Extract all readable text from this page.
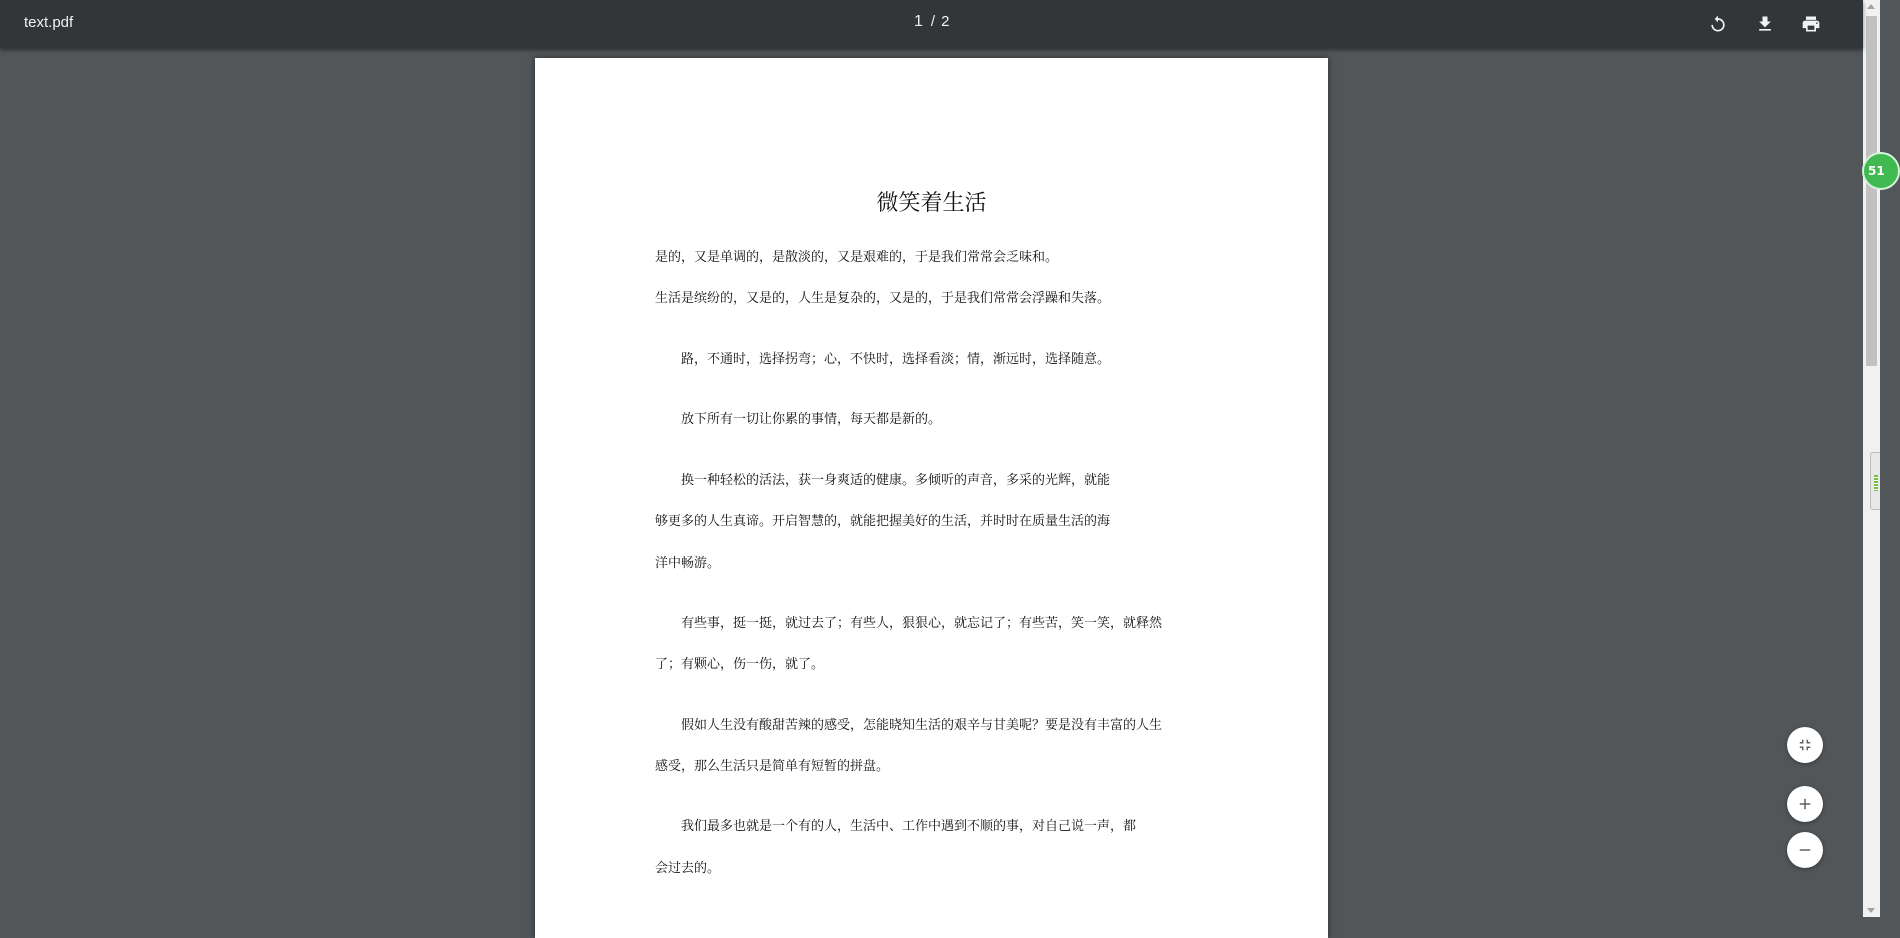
text.pdf	1 / 2
微笑着生活
是的，又是单调的，是散淡的，又是艰难的，于是我们常常会乏味和。
生活是缤纷的，又是的，人生是复杂的，又是的，于是我们常常会浮躁和失落。
路，不通时，选择拐弯；心，不快时，选择看淡；情，渐远时，选择随意。
放下所有一切让你累的事情，每天都是新的。
换一种轻松的活法，获一身爽适的健康。多倾听的声音，多采的光辉，就能
够更多的人生真谛。开启智慧的，就能把握美好的生活，并时时在质量生活的海
洋中畅游。
有些事，挺一挺，就过去了；有些人，狠狠心，就忘记了；有些苦，笑一笑，就释然
了；有颗心，伤一伤，就了。
假如人生没有酸甜苦辣的感受，怎能晓知生活的艰辛与甘美呢？要是没有丰富的人生
感受，那么生活只是简单有短暂的拼盘。
我们最多也就是一个有的人，生活中、工作中遇到不顺的事，对自己说一声，都
会过去的。
51
